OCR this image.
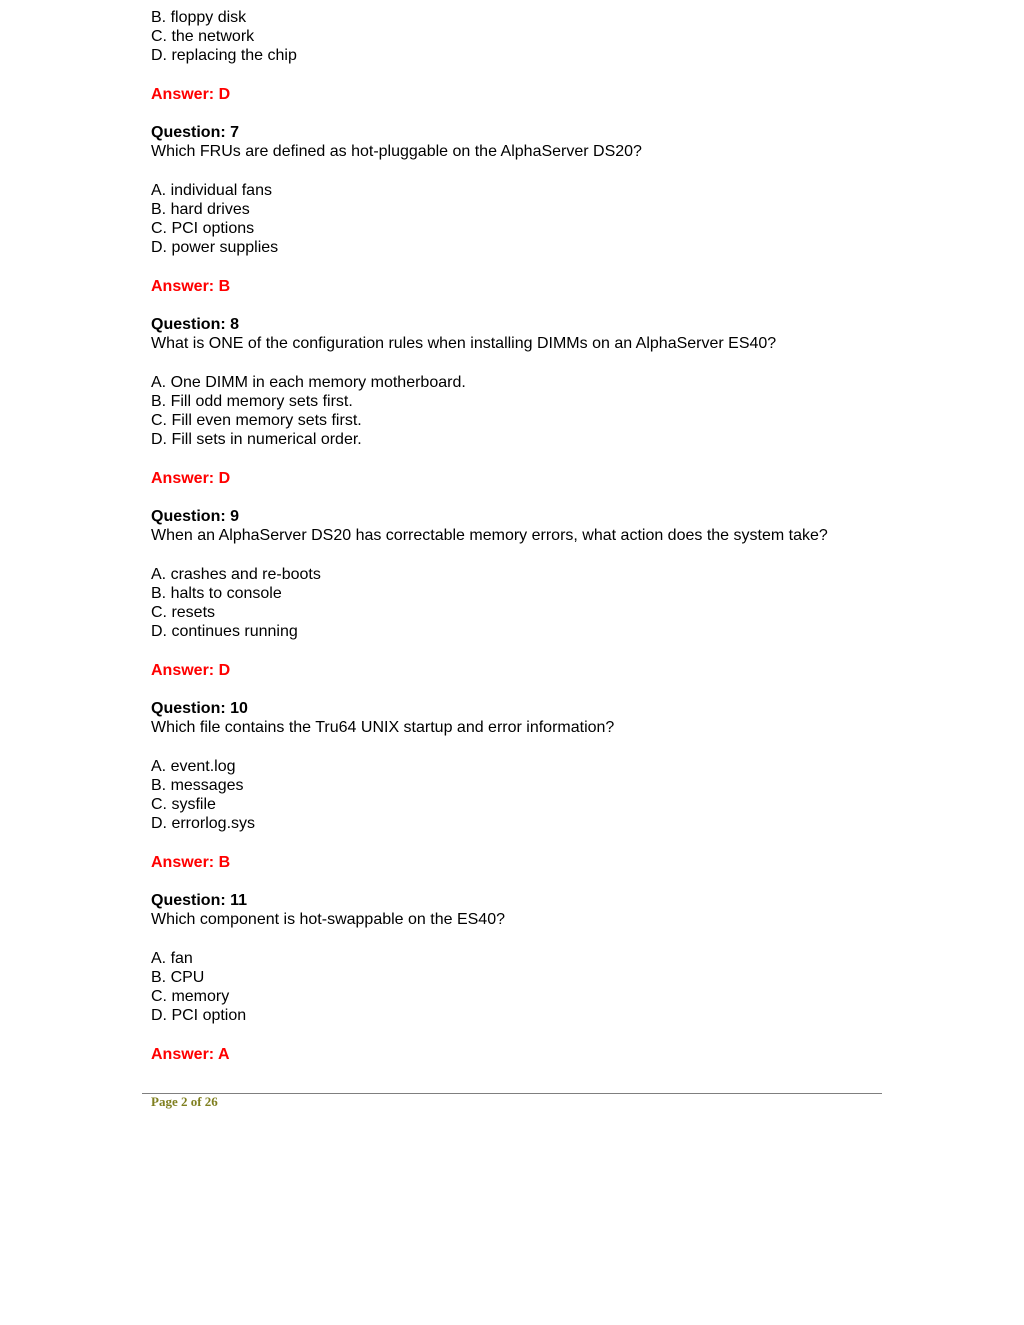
B. floppy disk
C. the network
D. replacing the chip
Answer: D
Question: 7
Which FRUs are defined as hot-pluggable on the AlphaServer DS20?
A. individual fans
B. hard drives
C. PCI options
D. power supplies
Answer: B
Question: 8
What is ONE of the configuration rules when installing DIMMs on an AlphaServer ES40?
A. One DIMM in each memory motherboard.
B. Fill odd memory sets first.
C. Fill even memory sets first.
D. Fill sets in numerical order.
Answer: D
Question: 9
When an AlphaServer DS20 has correctable memory errors, what action does the system take?
A. crashes and re-boots
B. halts to console
C. resets
D. continues running
Answer: D
Question: 10
Which file contains the Tru64 UNIX startup and error information?
A. event.log
B. messages
C. sysfile
D. errorlog.sys
Answer: B
Question: 11
Which component is hot-swappable on the ES40?
A. fan
B. CPU
C. memory
D. PCI option
Answer: A
Page 2 of 26
